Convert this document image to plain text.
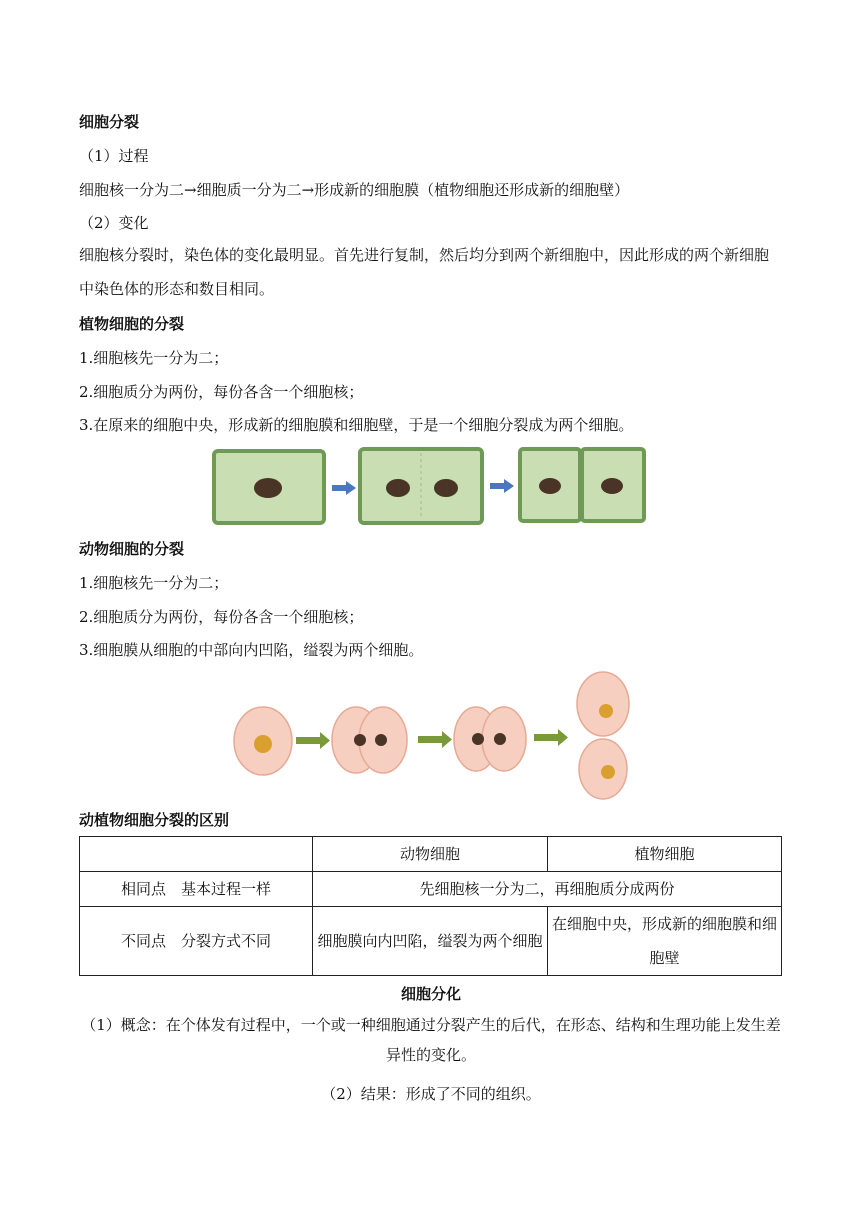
细胞分裂
（1）过程
细胞核一分为二→细胞质一分为二→形成新的细胞膜（植物细胞还形成新的细胞壁）
（2）变化
细胞核分裂时，染色体的变化最明显。首先进行复制，然后均分到两个新细胞中，因此形成的两个新细胞中染色体的形态和数目相同。
植物细胞的分裂
1.细胞核先一分为二；
2.细胞质分为两份，每份各含一个细胞核；
3.在原来的细胞中央，形成新的细胞膜和细胞壁，于是一个细胞分裂成为两个细胞。
动物细胞的分裂
1.细胞核先一分为二；
2.细胞质分为两份，每份各含一个细胞核；
3.细胞膜从细胞的中部向内凹陷，缢裂为两个细胞。
动植物细胞分裂的区别
	动物细胞	植物细胞
相同点　基本过程一样	先细胞核一分为二，再细胞质分成两份	
不同点　分裂方式不同	细胞膜向内凹陷，缢裂为两个细胞	在细胞中央，形成新的细胞膜和细胞壁
细胞分化
（1）概念：在个体发有过程中，一个或一种细胞通过分裂产生的后代，在形态、结构和生理功能上发生差异性的变化。
（2）结果：形成了不同的组织。
